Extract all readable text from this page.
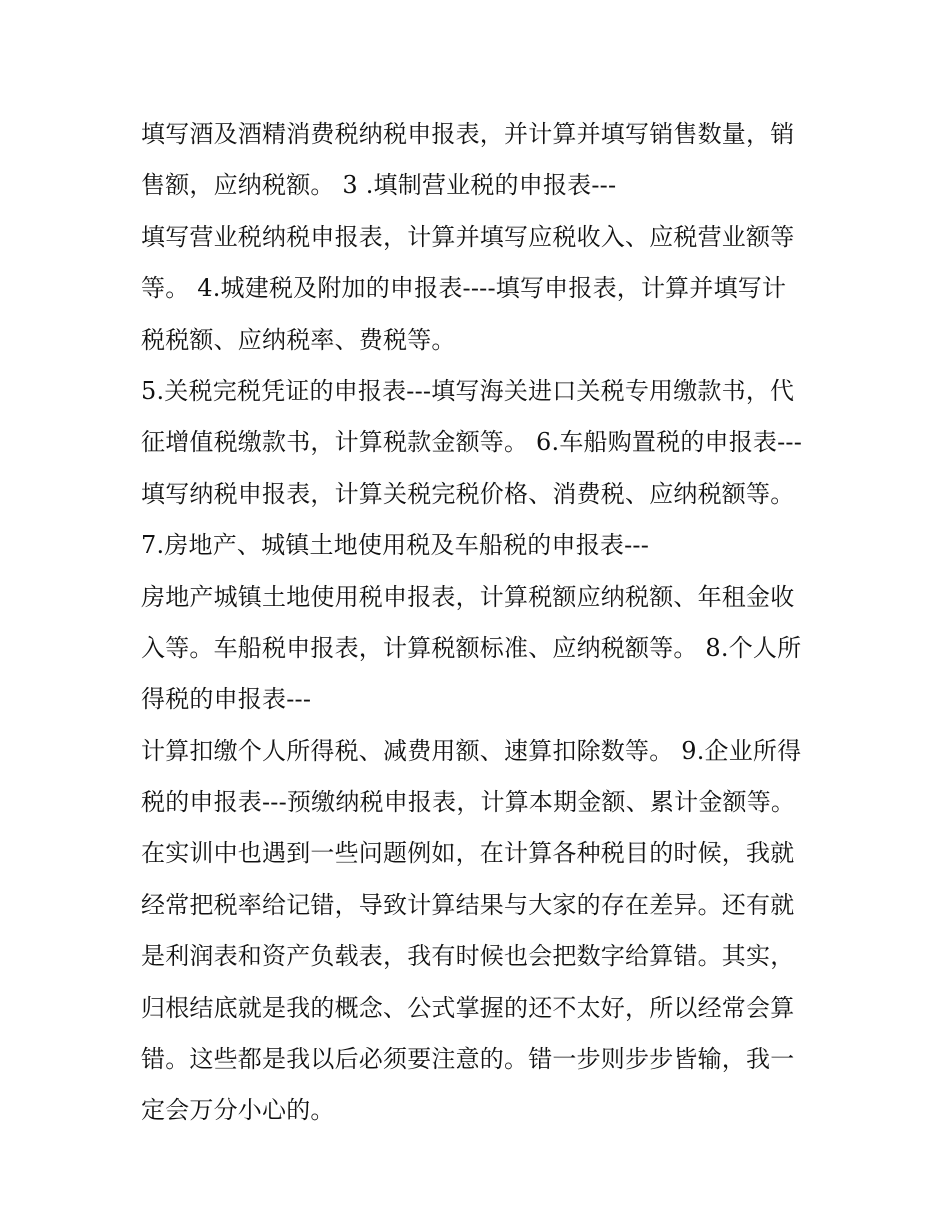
填写酒及酒精消费税纳税申报表，并计算并填写销售数量，销
售额，应纳税额。 3 .填制营业税的申报表---
填写营业税纳税申报表，计算并填写应税收入、应税营业额等
等。 4.城建税及附加的申报表----填写申报表，计算并填写计
税税额、应纳税率、费税等。
5.关税完税凭证的申报表---填写海关进口关税专用缴款书，代
征增值税缴款书，计算税款金额等。 6.车船购置税的申报表---
填写纳税申报表，计算关税完税价格、消费税、应纳税额等。
7.房地产、城镇土地使用税及车船税的申报表---
房地产城镇土地使用税申报表，计算税额应纳税额、年租金收
入等。车船税申报表，计算税额标准、应纳税额等。 8.个人所
得税的申报表---
计算扣缴个人所得税、减费用额、速算扣除数等。 9.企业所得
税的申报表---预缴纳税申报表，计算本期金额、累计金额等。
在实训中也遇到一些问题例如，在计算各种税目的时候，我就
经常把税率给记错，导致计算结果与大家的存在差异。还有就
是利润表和资产负载表，我有时候也会把数字给算错。其实，
归根结底就是我的概念、公式掌握的还不太好，所以经常会算
错。这些都是我以后必须要注意的。错一步则步步皆输，我一
定会万分小心的。
